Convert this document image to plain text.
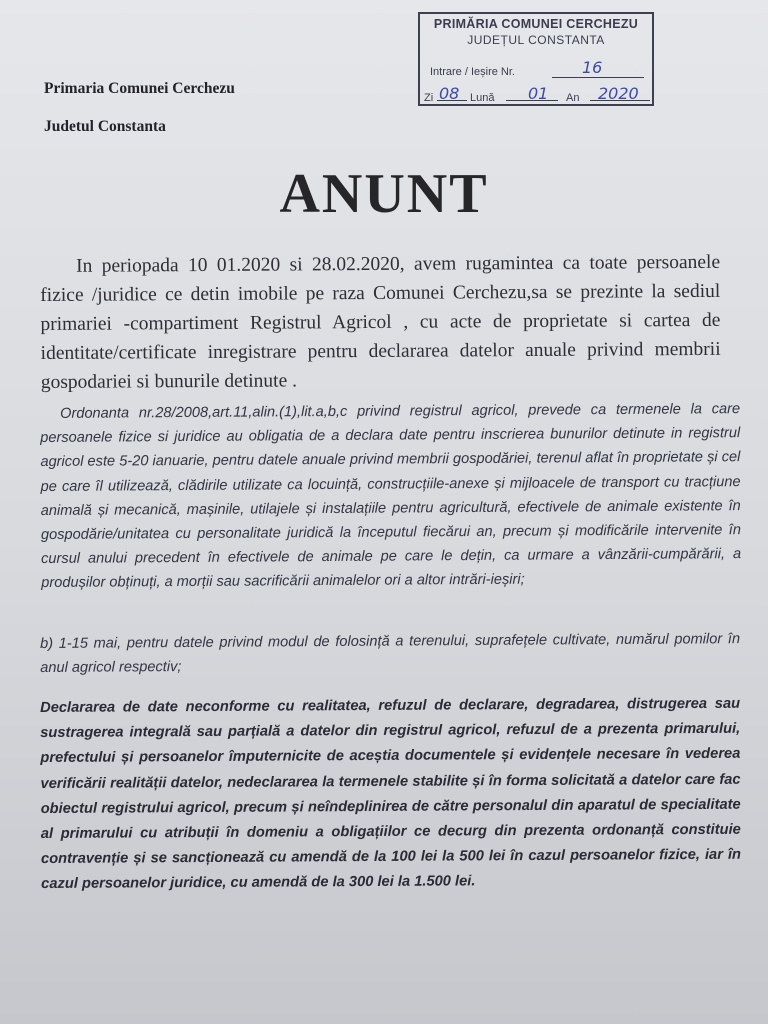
PRIMĂRIA COMUNEI CERCHEZU
JUDEȚUL CONSTANTA
Intrare / Ieșire Nr.	16
Zi 08 Lună 01 An 2020
Primaria Comunei Cerchezu
Judetul Constanta
ANUNT
In periopada 10 01.2020 si 28.02.2020, avem rugamintea ca toate persoanele fizice /juridice ce detin imobile pe raza Comunei Cerchezu,sa se prezinte la sediul primariei -compartiment Registrul Agricol , cu acte de proprietate si cartea de identitate/certificate inregistrare pentru declararea datelor anuale privind membrii gospodariei si bunurile detinute .
Ordonanta nr.28/2008,art.11,alin.(1),lit.a,b,c privind registrul agricol, prevede ca termenele la care persoanele fizice si juridice au obligatia de a declara date pentru inscrierea bunurilor detinute in registrul agricol este 5-20 ianuarie, pentru datele anuale privind membrii gospodăriei, terenul aflat în proprietate și cel pe care îl utilizează, clădirile utilizate ca locuință, construcțiile-anexe și mijloacele de transport cu tracțiune animală și mecanică, mașinile, utilajele și instalațiile pentru agricultură, efectivele de animale existente în gospodărie/unitatea cu personalitate juridică la începutul fiecărui an, precum și modificările intervenite în cursul anului precedent în efectivele de animale pe care le dețin, ca urmare a vânzării-cumpărării, a produșilor obținuți, a morții sau sacrificării animalelor ori a altor intrări-ieșiri;
b) 1-15 mai, pentru datele privind modul de folosință a terenului, suprafețele cultivate, numărul pomilor în anul agricol respectiv;
Declararea de date neconforme cu realitatea, refuzul de declarare, degradarea, distrugerea sau sustragerea integrală sau parțială a datelor din registrul agricol, refuzul de a prezenta primarului, prefectului și persoanelor împuternicite de aceștia documentele și evidențele necesare în vederea verificării realității datelor, nedeclararea la termenele stabilite și în forma solicitată a datelor care fac obiectul registrului agricol, precum și neîndeplinirea de către personalul din aparatul de specialitate al primarului cu atribuții în domeniu a obligațiilor ce decurg din prezenta ordonanță constituie contravenție și se sancționează cu amendă de la 100 lei la 500 lei în cazul persoanelor fizice, iar în cazul persoanelor juridice, cu amendă de la 300 lei la 1.500 lei.
